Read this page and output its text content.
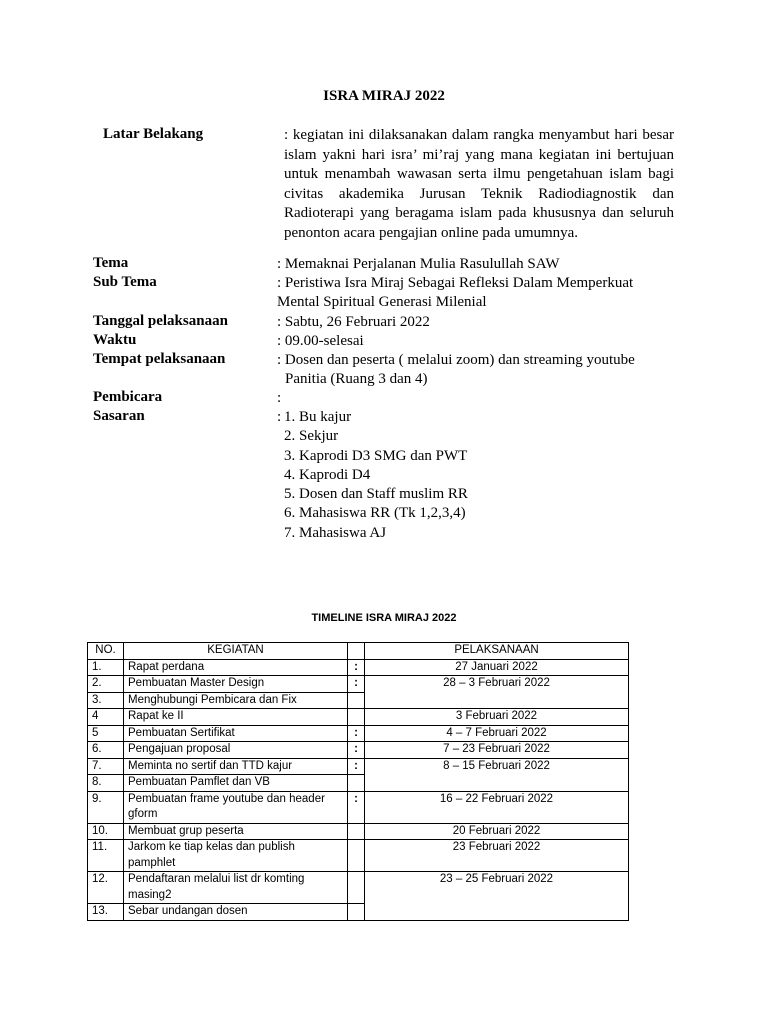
ISRA MIRAJ 2022
Latar Belakang	: kegiatan ini dilaksanakan dalam rangka menyambut hari besar islam yakni hari isra’ mi’raj yang mana kegiatan ini bertujuan untuk menambah wawasan serta ilmu pengetahuan islam bagi civitas akademika Jurusan Teknik Radiodiagnostik dan Radioterapi yang beragama islam pada khususnya dan seluruh penonton acara pengajian online pada umumnya.

Tema	: Memaknai Perjalanan Mulia Rasulullah SAW
Sub Tema	: Peristiwa Isra Miraj Sebagai Refleksi Dalam Memperkuat
Mental Spiritual Generasi Milenial
Tanggal pelaksanaan	: Sabtu, 26 Februari 2022
Waktu	: 09.00-selesai
Tempat pelaksanaan	: Dosen dan peserta ( melalui zoom) dan streaming youtube
Panitia (Ruang 3 dan 4)
Pembicara	:
Sasaran	: 1. Bu kajur
2. Sekjur
3. Kaprodi D3 SMG dan PWT
4. Kaprodi D4
5. Dosen dan Staff muslim RR
6. Mahasiswa RR (Tk 1,2,3,4)
7. Mahasiswa AJ
TIMELINE ISRA MIRAJ 2022
NO.	KEGIATAN		PELAKSANAAN
1.	Rapat perdana	:	27 Januari 2022
2.	Pembuatan Master Design	:	28 – 3 Februari 2022
3.	Menghubungi Pembicara dan Fix		
4	Rapat ke II		3 Februari 2022
5	Pembuatan Sertifikat	:	4 – 7 Februari 2022
6.	Pengajuan proposal	:	7 – 23 Februari 2022
7.	Meminta no sertif dan TTD kajur	:	8 – 15 Februari 2022
8.	Pembuatan Pamflet dan VB		
9.	Pembuatan frame youtube dan header gform	:	16 – 22 Februari 2022
10.	Membuat grup peserta		20 Februari 2022
11.	Jarkom ke tiap kelas dan publish pamphlet		23 Februari 2022
12.	Pendaftaran melalui list dr komting masing2		23 – 25 Februari 2022
13.	Sebar undangan dosen		
